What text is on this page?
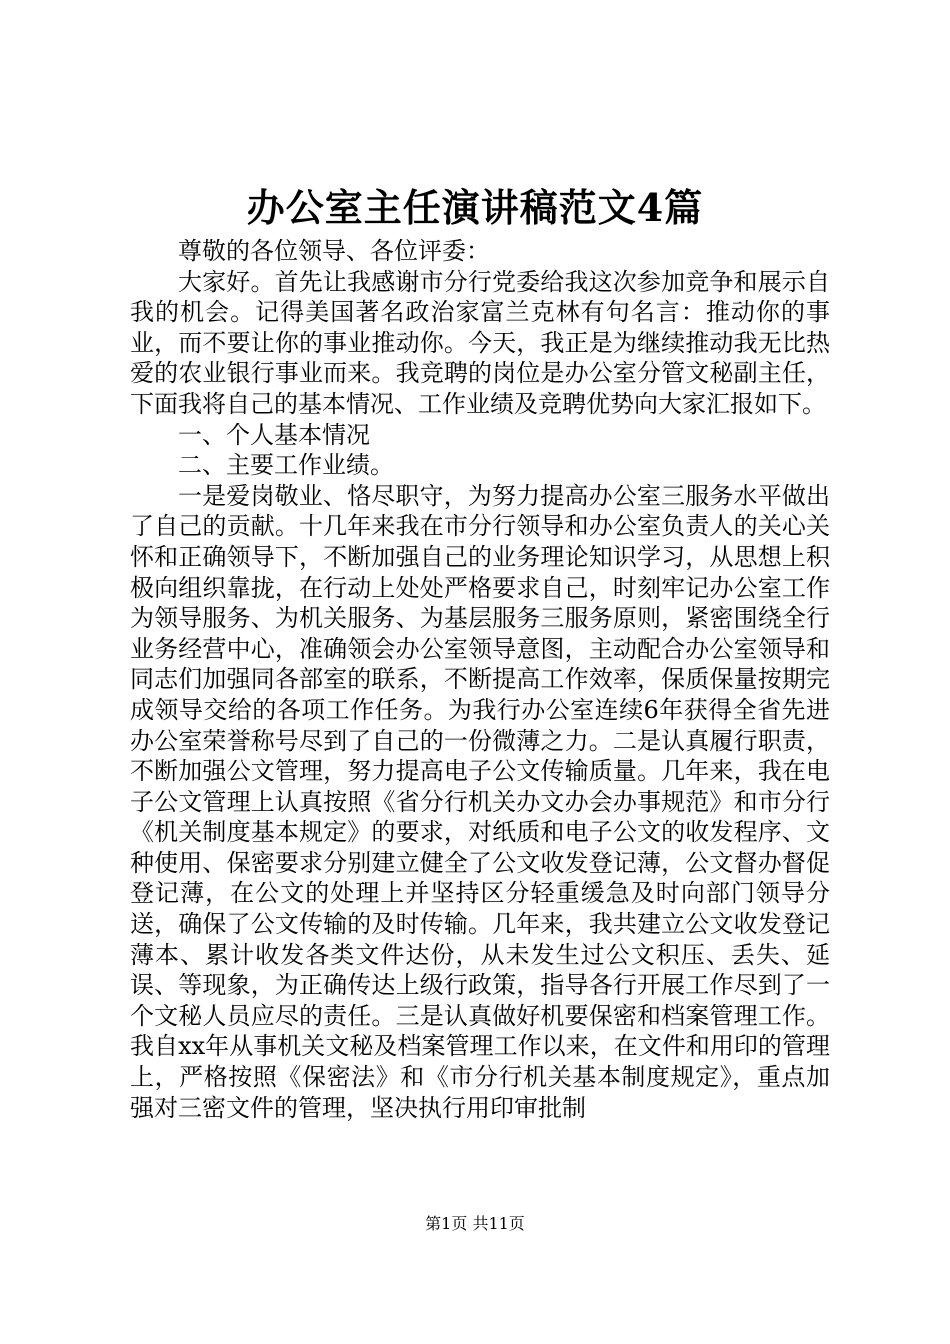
办公室主任演讲稿范文4篇

尊敬的各位领导、各位评委：

大家好。首先让我感谢市分行党委给我这次参加竞争和展示自我的机会。记得美国著名政治家富兰克林有句名言：推动你的事业，而不要让你的事业推动你。今天，我正是为继续推动我无比热爱的农业银行事业而来。我竞聘的岗位是办公室分管文秘副主任，下面我将自己的基本情况、工作业绩及竞聘优势向大家汇报如下。

一、个人基本情况

二、主要工作业绩。

一是爱岗敬业、恪尽职守，为努力提高办公室三服务水平做出了自己的贡献。十几年来我在市分行领导和办公室负责人的关心关怀和正确领导下，不断加强自己的业务理论知识学习，从思想上积极向组织靠拢，在行动上处处严格要求自己，时刻牢记办公室工作为领导服务、为机关服务、为基层服务三服务原则，紧密围绕全行业务经营中心，准确领会办公室领导意图，主动配合办公室领导和同志们加强同各部室的联系，不断提高工作效率，保质保量按期完成领导交给的各项工作任务。为我行办公室连续6年获得全省先进办公室荣誉称号尽到了自己的一份微薄之力。二是认真履行职责，不断加强公文管理，努力提高电子公文传输质量。几年来，我在电子公文管理上认真按照《省分行机关办文办会办事规范》和市分行《机关制度基本规定》的要求，对纸质和电子公文的收发程序、文种使用、保密要求分别建立健全了公文收发登记薄，公文督办督促登记薄，在公文的处理上并坚持区分轻重缓急及时向部门领导分送，确保了公文传输的及时传输。几年来，我共建立公文收发登记薄本、累计收发各类文件达份，从未发生过公文积压、丢失、延误、等现象，为正确传达上级行政策，指导各行开展工作尽到了一个文秘人员应尽的责任。三是认真做好机要保密和档案管理工作。我自xx年从事机关文秘及档案管理工作以来，在文件和用印的管理上，严格按照《保密法》和《市分行机关基本制度规定》，重点加强对三密文件的管理，坚决执行用印审批制

第1页 共11页
